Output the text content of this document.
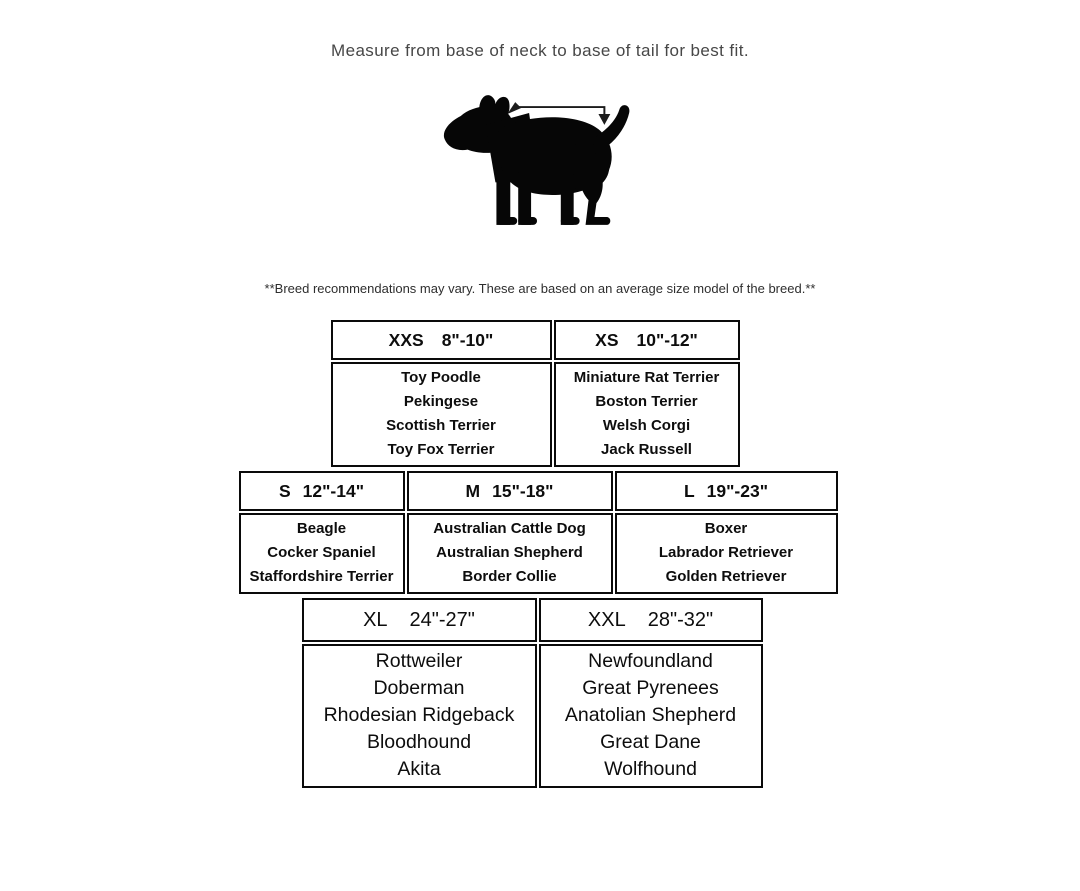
Measure from base of neck to base of tail for best fit.
**Breed recommendations may vary. These are based on an average size model of the breed.**
XXS 8"-10"	XS 10"-12"

Toy Poodle
Pekingese
Scottish Terrier
Toy Fox Terrier

Miniature Rat Terrier
Boston Terrier
Welsh Corgi
Jack Russell
S 12"-14"	M 15"-18"	L 19"-23"

Beagle
Cocker Spaniel
Staffordshire Terrier

Australian Cattle Dog
Australian Shepherd
Border Collie

Boxer
Labrador Retriever
Golden Retriever
XL 24"-27"	XXL 28"-32"

Rottweiler
Doberman
Rhodesian Ridgeback
Bloodhound
Akita

Newfoundland
Great Pyrenees
Anatolian Shepherd
Great Dane
Wolfhound
